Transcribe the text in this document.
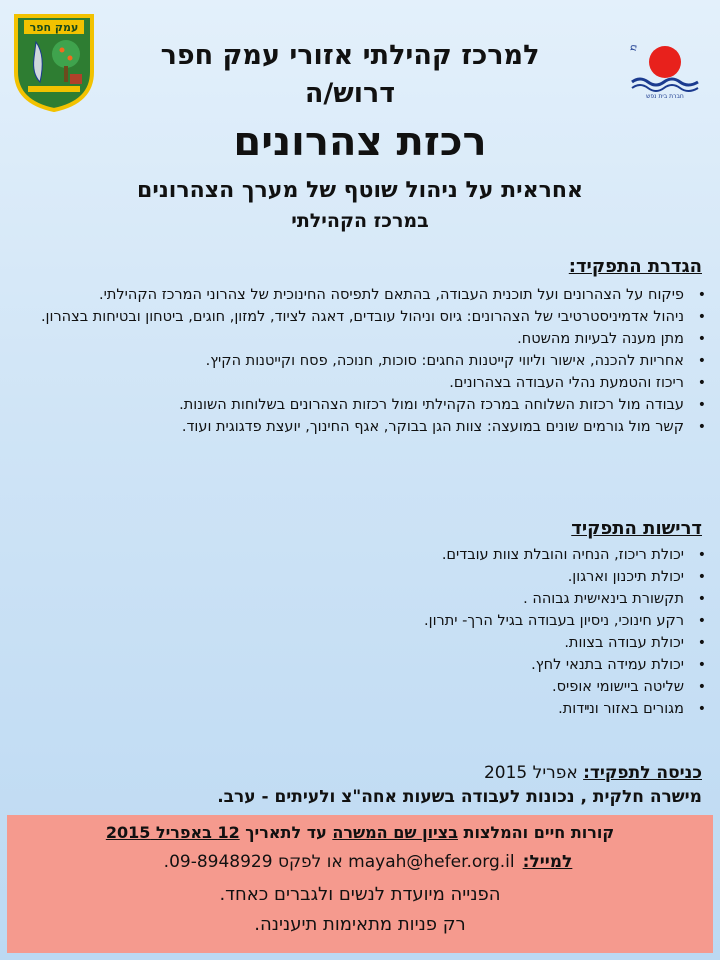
מ
חברת בית נפש
עמק חפר
למרכז קהילתי אזורי עמק חפר
דרוש/ה
רכזת צהרונים
אחראית על ניהול שוטף של מערך הצהרונים
במרכז הקהילתי
הגדרת התפקיד:
• פיקוח על הצהרונים ועל תוכנית העבודה, בהתאם לתפיסה החינוכית של צהרוני המרכז הקהילתי.
• ניהול אדמיניסטרטיבי של הצהרונים: גיוס וניהול עובדים, דאגה לציוד, למזון, חוגים, ביטחון ובטיחות בצהרון.
• מתן מענה לבעיות מהשטח.
• אחריות להכנה, אישור וליווי קייטנות החגים: סוכות, חנוכה, פסח וקייטנות הקיץ.
• ריכוז והטמעת נהלי העבודה בצהרונים.
• עבודה מול רכזות השלוחה במרכז הקהילתי ומול רכזות הצהרונים בשלוחות השונות.
• קשר מול גורמים שונים במועצה: צוות הגן בבוקר, אגף החינוך, יועצת פדגוגית ועוד.
דרישות התפקיד
• יכולת ריכוז, הנחיה והובלת צוות עובדים.
• יכולת תיכנון וארגון.
• תקשורת בינאישית גבוהה .
• רקע חינוכי, ניסיון בעבודה בגיל הרך- יתרון.
• יכולת עבודה בצוות.
• יכולת עמידה בתנאי לחץ.
• שליטה ביישומי אופיס.
• מגורים באזור ונײדות.
כניסה לתפקיד: אפריל 2015
מישרה חלקית , נכונות לעבודה בשעות אחה"צ ולעיתים - ערב.
קורות חיים והמלצות בציון שם המשרה עד לתאריך 12 באפריל 2015
למייל:mayah@hefer.org.il או לפקס 09-8948929.
הפנייה מיועדת לנשים ולגברים כאחד.
רק פניות מתאימות תיענינה.
